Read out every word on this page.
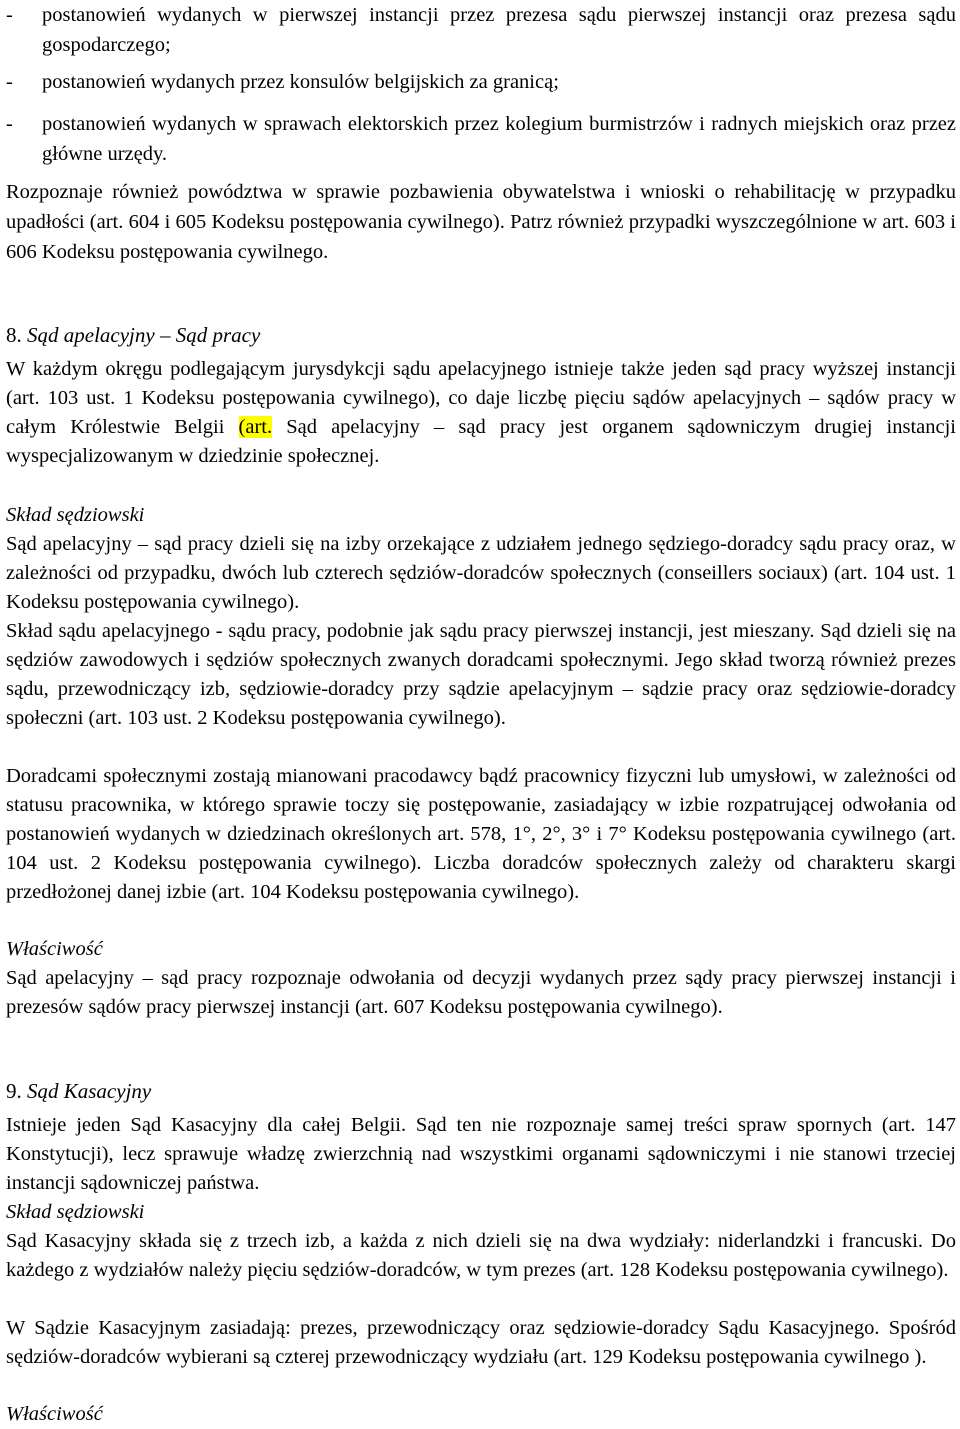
- postanowień wydanych w pierwszej instancji przez prezesa sądu pierwszej instancji oraz prezesa sądu gospodarczego;
- postanowień wydanych przez konsulów belgijskich za granicą;
- postanowień wydanych w sprawach elektorskich przez kolegium burmistrzów i radnych miejskich oraz przez główne urzędy.
Rozpoznaje również powództwa w sprawie pozbawienia obywatelstwa i wnioski o rehabilitację w przypadku upadłości (art. 604 i 605 Kodeksu postępowania cywilnego). Patrz również przypadki wyszczególnione w art. 603 i 606 Kodeksu postępowania cywilnego.
8. Sąd apelacyjny – Sąd pracy
W każdym okręgu podlegającym jurysdykcji sądu apelacyjnego istnieje także jeden sąd pracy wyższej instancji (art. 103 ust. 1 Kodeksu postępowania cywilnego), co daje liczbę pięciu sądów apelacyjnych – sądów pracy w całym Królestwie Belgii (art. Sąd apelacyjny – sąd pracy jest organem sądowniczym drugiej instancji wyspecjalizowanym w dziedzinie społecznej.
Skład sędziowski
Sąd apelacyjny – sąd pracy dzieli się na izby orzekające z udziałem jednego sędziego-doradcy sądu pracy oraz, w zależności od przypadku, dwóch lub czterech sędziów-doradców społecznych (conseillers sociaux) (art. 104 ust. 1 Kodeksu postępowania cywilnego).
Skład sądu apelacyjnego - sądu pracy, podobnie jak sądu pracy pierwszej instancji, jest mieszany. Sąd dzieli się na sędziów zawodowych i sędziów społecznych zwanych doradcami społecznymi. Jego skład tworzą również prezes sądu, przewodniczący izb, sędziowie-doradcy przy sądzie apelacyjnym – sądzie pracy oraz sędziowie-doradcy społeczni (art. 103 ust. 2 Kodeksu postępowania cywilnego).
Doradcami społecznymi zostają mianowani pracodawcy bądź pracownicy fizyczni lub umysłowi, w zależności od statusu pracownika, w którego sprawie toczy się postępowanie, zasiadający w izbie rozpatrującej odwołania od postanowień wydanych w dziedzinach określonych art. 578, 1°, 2°, 3° i 7° Kodeksu postępowania cywilnego (art. 104 ust. 2 Kodeksu postępowania cywilnego). Liczba doradców społecznych zależy od charakteru skargi przedłożonej danej izbie (art. 104 Kodeksu postępowania cywilnego).
Właściwość
Sąd apelacyjny – sąd pracy rozpoznaje odwołania od decyzji wydanych przez sądy pracy pierwszej instancji i prezesów sądów pracy pierwszej instancji (art. 607 Kodeksu postępowania cywilnego).
9. Sąd Kasacyjny
Istnieje jeden Sąd Kasacyjny dla całej Belgii. Sąd ten nie rozpoznaje samej treści spraw spornych (art. 147 Konstytucji), lecz sprawuje władzę zwierzchnią nad wszystkimi organami sądowniczymi i nie stanowi trzeciej instancji sądowniczej państwa.
Skład sędziowski
Sąd Kasacyjny składa się z trzech izb, a każda z nich dzieli się na dwa wydziały: niderlandzki i francuski. Do każdego z wydziałów należy pięciu sędziów-doradców, w tym prezes (art. 128 Kodeksu postępowania cywilnego).
W Sądzie Kasacyjnym zasiadają: prezes, przewodniczący oraz sędziowie-doradcy Sądu Kasacyjnego. Spośród sędziów-doradców wybierani są czterej przewodniczący wydziału (art. 129 Kodeksu postępowania cywilnego ).
Właściwość
